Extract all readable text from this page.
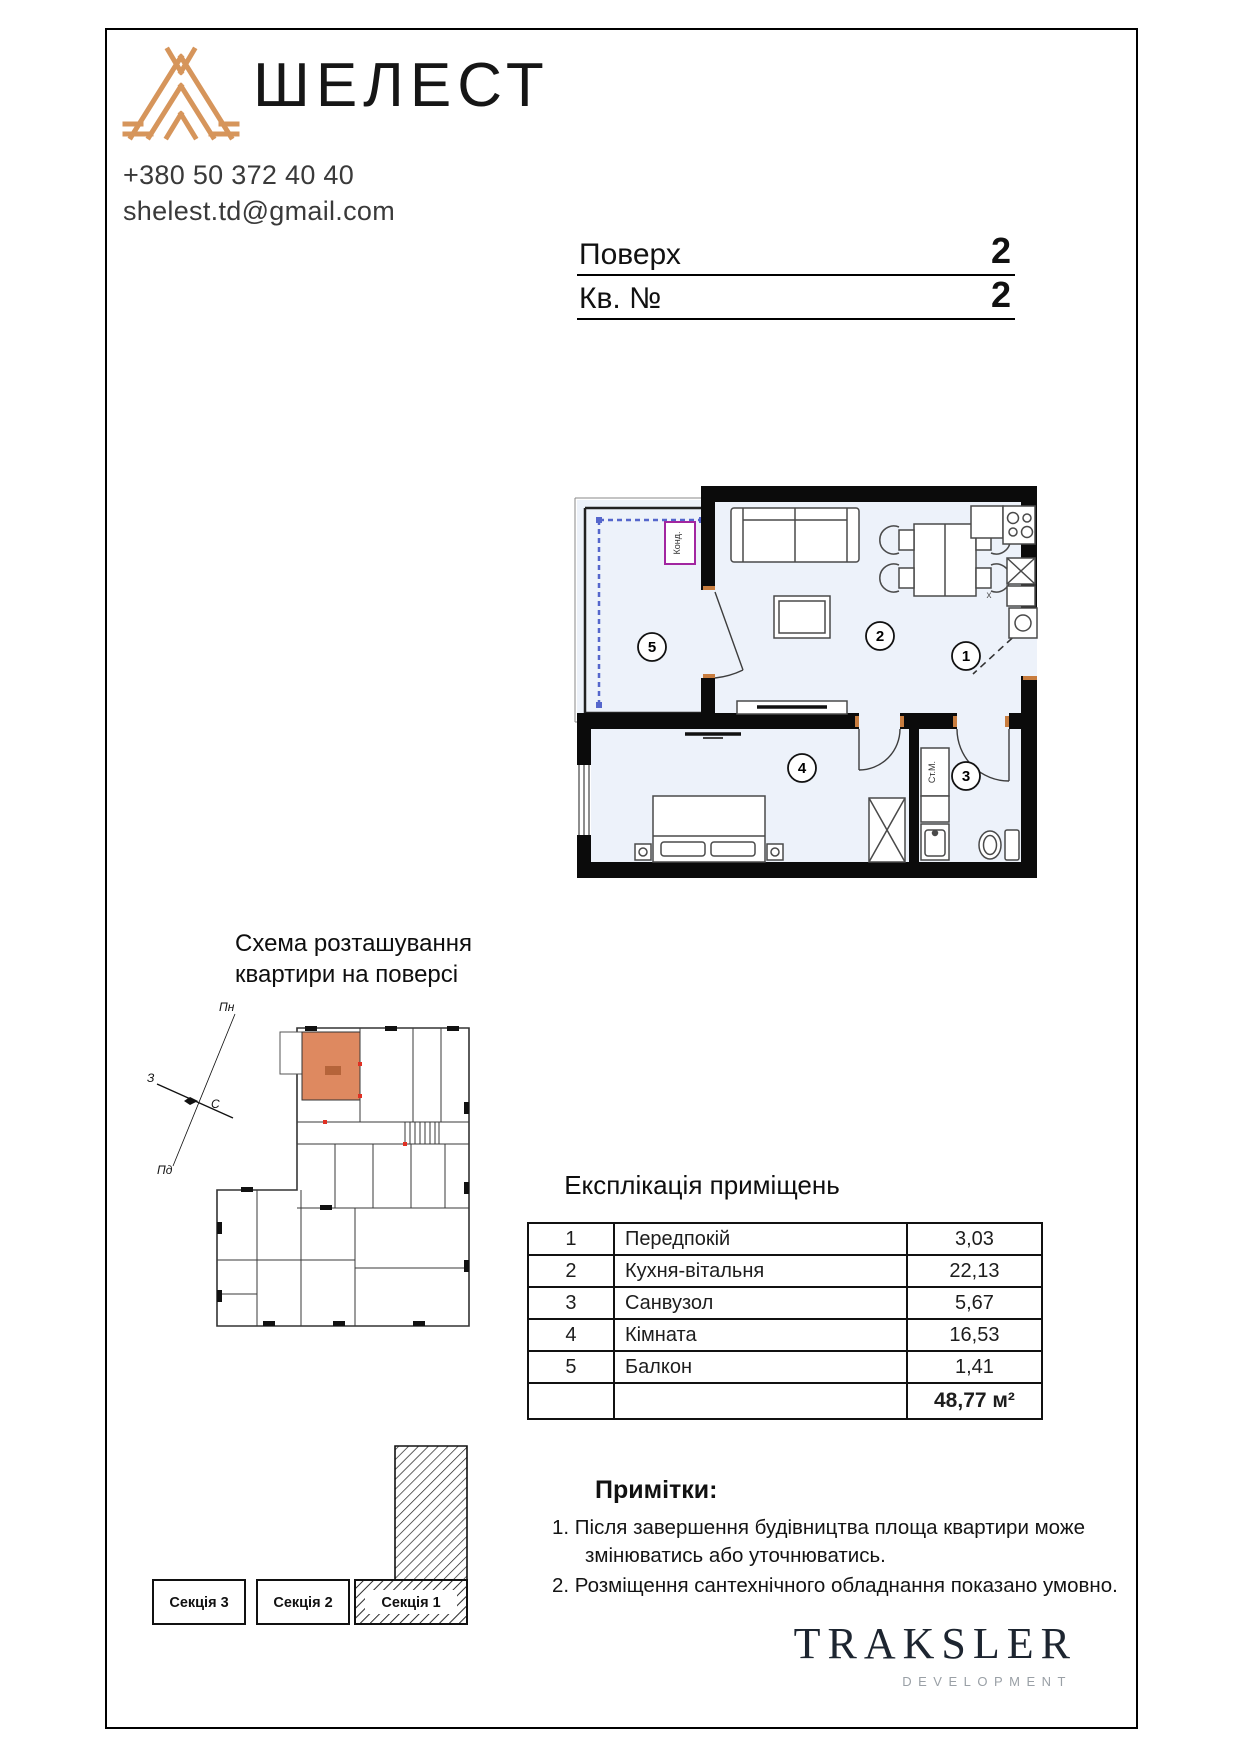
ШЕЛЕСТ
+380 50 372 40 40
shelest.td@gmail.com
Поверх	2
Кв. №	2
Конд.
Ст.М.
х
1
2
3
4
5
Схема розташування
квартири на поверсі
Пн
З
С
Пд	Експлікація приміщень
1	Передпокій	3,03
2	Кухня-вітальня	22,13
3	Санвузол	5,67
4	Кімната	16,53
5	Балкон	1,41
		48,77 м²
Примітки:
1. Після завершення будівництва площа квартири може
змінюватись або уточнюватись.
2. Розміщення сантехнічного обладнання показано умовно.
Секція 3	Секція 2	Секція 1
TRAKSLER
DEVELOPMENT
